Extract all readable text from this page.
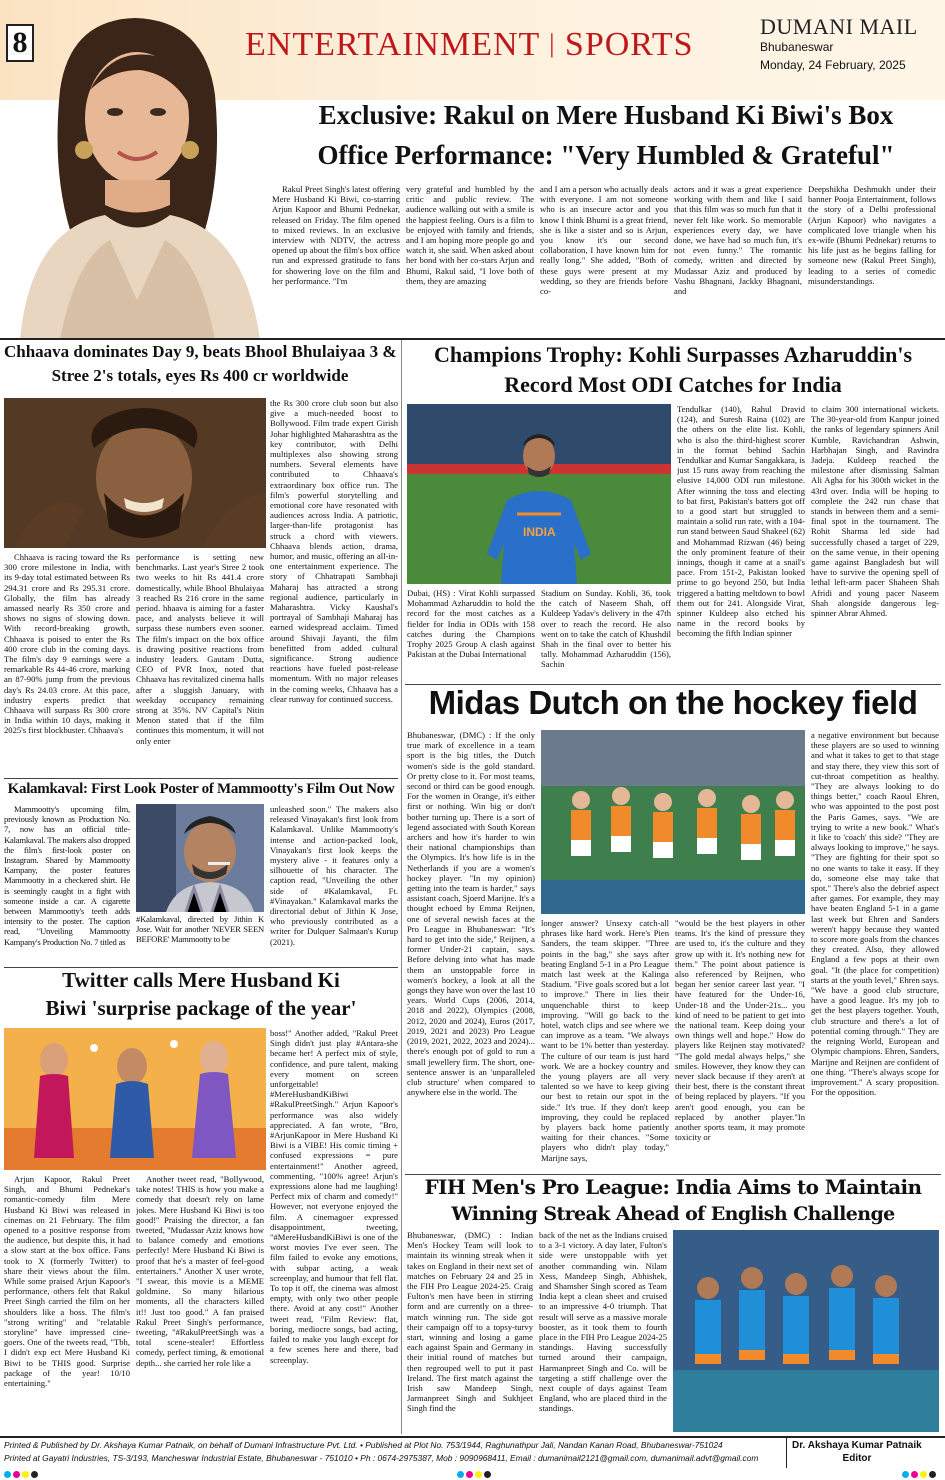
8	ENTERTAINMENT | SPORTS	DUMANI MAIL
Bhubaneswar
Monday, 24 February, 2025
Exclusive: Rakul on Mere Husband Ki Biwi's Box
Office Performance: "Very Humbled & Grateful"
Rakul Preet Singh's latest offering Mere Husband Ki Biwi, co-starring Arjun Kapoor and Bhumi Pednekar, released on Friday. The film opened to mixed reviews. In an exclusive interview with NDTV, the actress opened up about the film's box office run and expressed gratitude to fans for showering love on the film and her performance. "I'm
very grateful and humbled by the critic and public review. The audience walking out with a smile is the happiest feeling. Ours is a film to be enjoyed with family and friends, and I am hoping more people go and watch it, she said. When asked about her bond with her co-stars Arjun and Bhumi, Rakul said, "I love both of them, they are amazing
and I am a person who actually deals with everyone. I am not someone who is an insecure actor and you know I think Bhumi is a great friend, she is like a sister and so is Arjun, you know it's our second collaboration, I have known him for really long." She added, "Both of these guys were present at my wedding, so they are friends before co-
actors and it was a great experience working with them and like I said that this film was so much fun that it never felt like work. So memorable experiences every day, we have done, we have had so much fun, it's not even funny." The romantic comedy, written and directed by Mudassar Aziz and produced by Vashu Bhagnani, Jackky Bhagnani, and
Deepshikha Deshmukh under their banner Pooja Entertainment, follows the story of a Delhi professional (Arjun Kapoor) who navigates a complicated love triangle when his ex-wife (Bhumi Pednekar) returns to his life just as he begins falling for someone new (Rakul Preet Singh), leading to a series of comedic misunderstandings.
Chhaava dominates Day 9, beats Bhool Bhulaiyaa 3 &
Stree 2's totals, eyes Rs 400 cr worldwide
Chhaava is racing toward the Rs 300 crore milestone in India, with its 9-day total estimated between Rs 294.31 crore and Rs 295.31 crore. Globally, the film has already amassed nearly Rs 350 crore and shows no signs of slowing down. With record-breaking growth, Chhaava is poised to enter the Rs 400 crore club in the coming days. The film's day 9 earnings were a remarkable Rs 44-46 crore, marking an 87-90% jump from the previous day's Rs 24.03 crore. At this pace, industry experts predict that Chhaava will surpass Rs 300 crore in India within 10 days, making it 2025's first blockbuster. Chhaava's
performance is setting new benchmarks. Last year's Stree 2 took two weeks to hit Rs 441.4 crore domestically, while Bhool Bhulaiyaa 3 reached Rs 216 crore in the same period. hhaava is aiming for a faster pace, and analysts believe it will surpass these numbers even sooner. The film's impact on the box office is drawing positive reactions from industry leaders. Gautam Dutta, CEO of PVR Inox, noted that Chhaava has revitalized cinema halls after a sluggish January, with weekday occupancy remaining strong at 35%. NV Capital's Nitin Menon stated that if the film continues this momentum, it will not only enter
the Rs 300 crore club soon but also give a much-needed boost to Bollywood. Film trade expert Girish Johar highlighted Maharashtra as the key contributor, with Delhi multiplexes also showing strong numbers. Several elements have contributed to Chhaava's extraordinary box office run. The film's powerful storytelling and emotional core have resonated with audiences across India. A patriotic, larger-than-life protagonist has struck a chord with viewers. Chhaava blends action, drama, humor, and music, offering an all-in-one entertainment experience. The story of Chhatrapati Sambhaji Maharaj has attracted a strong regional audience, particularly in Maharashtra. Vicky Kaushal's portrayal of Sambhaji Maharaj has earned widespread acclaim. Timed around Shivaji Jayanti, the film benefitted from added cultural significance. Strong audience reactions have fueled post-release momentum. With no major releases in the coming weeks, Chhaava has a clear runway for continued success.
Kalamkaval: First Look Poster of Mammootty's Film Out Now
Mammootty's upcoming film, previously known as Production No. 7, now has an official title-Kalamkaval. The makers also dropped the film's first-look poster on Instagram. Shared by Mammootty Kampany, the poster features Mammootty in a checkered shirt. He is seemingly caught in a fight with someone inside a car. A cigarette between Mammootty's teeth adds intensity to the poster. The caption read, "Unveiling Mammootty Kampany's Production No. 7 titled as
#Kalamkaval, directed by Jithin K Jose. Wait for another 'NEVER SEEN BEFORE' Mammootty to be
unleashed soon." The makers also released Vinayakan's first look from Kalamkaval. Unlike Mammootty's intense and action-packed look, Vinayakan's first look keeps the mystery alive - it features only a silhouette of his character. The caption read, "Unveiling the other side of #Kalamkaval, Ft. #Vinayakan." Kalamkaval marks the directorial debut of Jithin K Jose, who previously contributed as a writer for Dulquer Salmaan's Kurup (2021).
Twitter calls Mere Husband Ki
Biwi 'surprise package of the year'
Arjun Kapoor, Rakul Preet Singh, and Bhumi Pednekar's romantic-comedy film Mere Husband Ki Biwi was released in cinemas on 21 February. The film opened to a positive response from the audience, but despite this, it had a slow start at the box office. Fans took to X (formerly Twitter) to share their views about the film. While some praised Arjun Kapoor's performance, others felt that Rakul Preet Singh carried the film on her shoulders like a boss. The film's "strong writing" and "relatable storyline" have impressed cine-goers. One of the tweets read, "Tbh, I didn't exp ect Mere Husband Ki Biwi to be THIS good. Surprise package of the year! 10/10 entertaining."
Another tweet read, "Bollywood, take notes! THIS is how you make a comedy that doesn't rely on lame jokes. Mere Husband Ki Biwi is too good!" Praising the director, a fan tweeted, "Mudassar Aziz knows how to balance comedy and emotions perfectly! Mere Husband Ki Biwi is proof that he's a master of feel-good entertainers." Another X user wrote, "I swear, this movie is a MEME goldmine. So many hilarious moments, all the characters killed it!! Just too good." A fan praised Rakul Preet Singh's performance, tweeting, "#RakulPreetSingh was a total scene-stealer! Effortless comedy, perfect timing, & emotional depth... she carried her role like a
boss!" Another added, "Rakul Preet Singh didn't just play #Antara-she became her! A perfect mix of style, confidence, and pure talent, making every moment on screen unforgettable! #MereHusbandKiBiwi #RakulPreetSingh." Arjun Kapoor's performance was also widely appreciated. A fan wrote, "Bro, #ArjunKapoor in Mere Husband Ki Biwi is a VIBE! His comic timing + confused expressions = pure entertainment!" Another agreed, commenting, "100% agree! Arjun's expressions alone had me laughing! Perfect mix of charm and comedy!" However, not everyone enjoyed the film. A cinemagoer expressed disappointment, tweeting, "#MereHusbandKiBiwi is one of the worst movies I've ever seen. The film failed to evoke any emotions, with subpar acting, a weak screenplay, and humour that fell flat. To top it off, the cinema was almost empty, with only two other people there. Avoid at any cost!" Another tweet read, "Film Review: flat, boring, mediocre songs, bad acting, failed to make you laugh except for a few scenes here and there, bad screenplay.
Champions Trophy: Kohli Surpasses Azharuddin's
Record Most ODI Catches for India
INDIA
Dubai, (HS) : Virat Kohli surpassed Mohammad Azharuddin to hold the record for the most catches as a fielder for India in ODIs with 158 catches during the Champions Trophy 2025 Group A clash against Pakistan at the Dubai International
Stadium on Sunday. Kohli, 36, took the catch of Naseem Shah, off Kuldeep Yadav's delivery in the 47th over to reach the record. He also went on to take the catch of Khushdil Shah in the final over to better his tally. Mohammad Azharuddin (156), Sachin
Tendulkar (140), Rahul Dravid (124), and Suresh Raina (102) are the others on the elite list. Kohli, who is also the third-highest scorer in the format behind Sachin Tendulkar and Kumar Sangakkara, is just 15 runs away from reaching the elusive 14,000 ODI run milestone. After winning the toss and electing to bat first, Pakistan's batters got off to a good start but struggled to maintain a solid run rate, with a 104-run stand between Saud Shakeel (62) and Mohammad Rizwan (46) being the only prominent feature of their innings, though it came at a snail's pace. From 151-2, Pakistan looked prime to go beyond 250, but India triggered a batting meltdown to bowl them out for 241. Alongside Virat, spinner Kuldeep also etched his name in the record books by becoming the fifth Indian spinner
to claim 300 international wickets. The 30-year-old from Kanpur joined the ranks of legendary spinners Anil Kumble, Ravichandran Ashwin, Harbhajan Singh, and Ravindra Jadeja. Kuldeep reached the milestone after dismissing Salman Ali Agha for his 300th wicket in the 43rd over. India will be hoping to complete the 242 run chase that stands in between them and a semi-final spot in the tournament. The Rohit Sharma led side had successfully chased a target of 229, on the same venue, in their opening game against Bangladesh but will have to survive the opening spell of lethal left-arm pacer Shaheen Shah Afridi and young pacer Naseem Shah alongside dangerous leg-spinner Abrar Ahmed.
Midas Dutch on the hockey field
Bhubaneswar, (DMC) : If the only true mark of excellence in a team sport is the big titles, the Dutch women's side is the gold standard. Or pretty close to it. For most teams, second or third can be good enough. For the women in Orange, it's either first or nothing. Win big or don't bother turning up. There is a sort of legend associated with South Korean archers and how it's harder to win their national championships than the Olympics. It's how life is in the Netherlands if you are a women's hockey player. "In my opinion) getting into the team is harder," says assistant coach, Sjoerd Marijne. It's a thought echoed by Emma Reijnen, one of several newish faces at the Pro League in Bhubaneswar: "It's hard to get into the side," Reijnen, a former Under-21 captain, says. Before delving into what has made them an unstoppable force in women's hockey, a look at all the gongs they have won over the last 10 years. World Cups (2006, 2014, 2018 and 2022), Olympics (2008, 2012, 2020 and 2024), Euros (2017, 2019, 2021 and 2023) Pro League (2019, 2021, 2022, 2023 and 2024)... there's enough pot of gold to run a small jewellery firm. The short, one-sentence answer is an 'unparalleled club structure' when compared to anywhere else in the world. The
longer answer? Unsexy catch-all phrases like hard work. Here's Pien Sanders, the team skipper. "Three points in the bag," she says after beating England 5-1 in a Pro League match last week at the Kalinga Stadium. "Five goals scored but a lot to improve." There in lies their unquenchable thirst to keep improving. "Will go back to the hotel, watch clips and see where we can improve as a team. "We always want to be 1% better than yesterday. The culture of our team is just hard work. We are a hockey country and the young players are all very talented so we have to keep giving our best to retain our spot in the side." It's true. If they don't keep improving, they could be replaced by players back home patiently waiting for their chances. "Some players who didn't play today," Marijne says,
"would be the best players in other teams. It's the kind of pressure they are used to, it's the culture and they grow up with it. It's nothing new for them." The point about patience is also referenced by Reijnen, who began her senior career last year. "I have featured for the Under-16, Under-18 and the Under-21s... you kind of need to be patient to get into the national team. Keep doing your own things well and hope." How do players like Reijnen stay motivated? "The gold medal always helps," she smiles. However, they know they can never slack because if they aren't at their best, there is the constant threat of being replaced by players. "If you aren't good enough, you can be replaced by another player."In another sports team, it may promote toxicity or
a negative environment but because these players are so used to winning and what it takes to get to that stage and stay there, they view this sort of cut-throat competition as healthy. "They are always looking to do things better," coach Raoul Ehren, who was appointed to the post post the Paris Games, says. "We are trying to write a new book." What's it like to 'coach' this side? "They are always looking to improve," he says. "They are fighting for their spot so no one wants to take it easy. If they do, someone else may take that spot." There's also the debrief aspect after games. For example, they may have beaten England 5-1 in a game last week but Ehren and Sanders weren't happy because they wanted to score more goals from the chances they created. Also, they allowed England a few pops at their own goal. "It (the place for competition) starts at the youth level," Ehren says. "We have a good club structure, have a good league. It's my job to get the best players together. Youth, club structure and there's a lot of potential coming through." They are the reigning World, European and Olympic champions. Ehren, Sanders, Marijne and Reijnen are confident of one thing. "There's always scope for improvement." A scary proposition. For the opposition.
FIH Men's Pro League: India Aims to Maintain
Winning Streak Ahead of English Challenge
Bhubaneswar, (DMC) : Indian Men's Hockey Team will look to maintain its winning streak when it takes on England in their next set of matches on February 24 and 25 in the FIH Pro League 2024-25. Craig Fulton's men have been in stirring form and are currently on a three-match winning run. The side got their campaign off to a topsy-turvy start, winning and losing a game each against Spain and Germany in their initial round of matches but then regrouped well to put it past Ireland. The first match against the Irish saw Mandeep Singh, Jarmanpreet Singh and Sukhjeet Singh find the
back of the net as the Indians cruised to a 3-1 victory. A day later, Fulton's side were unstoppable with yet another commanding win. Nilam Xess, Mandeep Singh, Abhishek, and Shamsher Singh scored as Team India kept a clean sheet and cruised to an impressive 4-0 triumph. That result will serve as a massive morale booster, as it took them to fourth place in the FIH Pro League 2024-25 standings. Having successfully turned around their campaign, Harmanpreet Singh and Co. will be targeting a stiff challenge over the next couple of days against Team England, who are placed third in the standings.
Printed & Published by Dr. Akshaya Kumar Patnaik, on behalf of Dumani Infrastructure Pvt. Ltd. • Published at Plot No. 753/1944, Raghunathpur Jali, Nandan Kanan Road, Bhubaneswar-751024
Printed at Gayatri Industries, TS-3/193, Mancheswar Industrial Estate, Bhubaneswar - 751010 • Ph : 0674-2975387, Mob : 9090968411, Email : dumanimail2121@gmail.com, dumanimail.advt@gmail.com
Dr. Akshaya Kumar Patnaik
Editor
